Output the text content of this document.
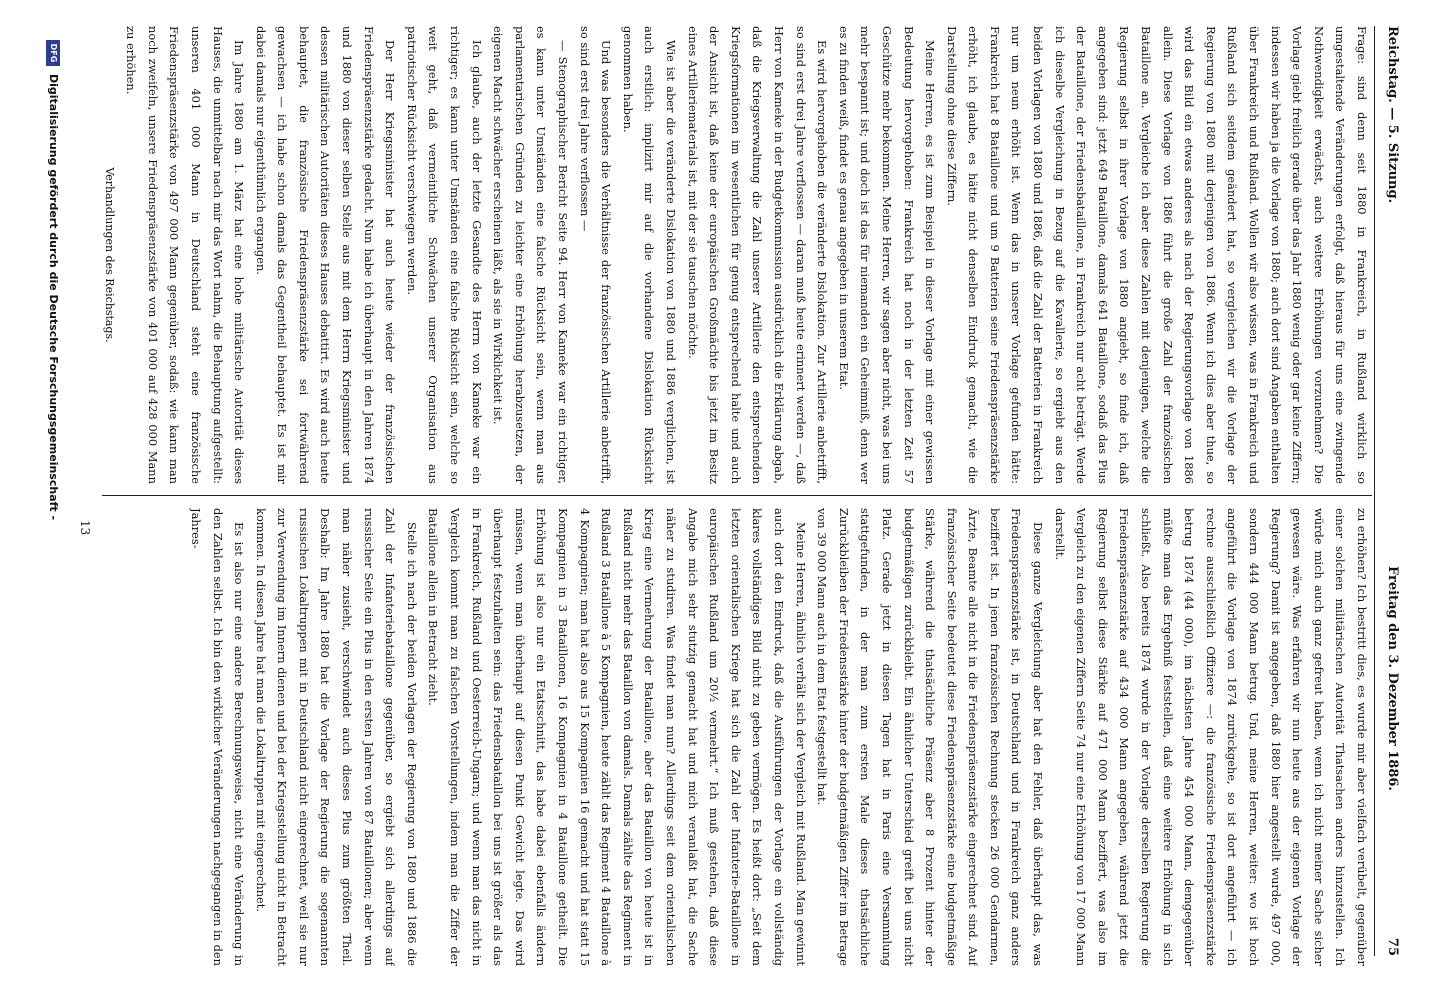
Reichstag. — 5. Sitzung.
Freitag den 3. Dezember 1886.
75

Frage: sind denn seit 1880 in Frankreich, in Rußland wirklich so umgestaltende Veränderungen erfolgt, daß hieraus für uns eine zwingende Nothwendigkeit erwächst, auch weitere Erhöhungen vorzunehmen? Die Vorlage giebt freilich gerade über das Jahr 1880 wenig oder gar keine Ziffern; indessen wir haben ja die Vorlage von 1880; auch dort sind Angaben enthalten über Frankreich und Rußland. Wollen wir also wissen, was in Frankreich und Rußland sich seitdem geändert hat, so vergleichen wir die Vorlage der Regierung von 1880 mit derjenigen von 1886. Wenn ich dies aber thue, so wird das Bild ein etwas anderes als nach der Regierungsvorlage von 1886 allein. Diese Vorlage von 1886 führt die große Zahl der französischen Bataillone an. Vergleiche ich aber diese Zahlen mit denjenigen, welche die Regierung selbst in ihrer Vorlage von 1880 angiebt, so finde ich, daß angegeben sind: jetzt 649 Bataillone, damals 641 Bataillone, sodaß das Plus der Bataillone, der Friedensbataillone, in Frankreich nur acht beträgt. Werde ich dieselbe Vergleichung in Bezug auf die Kavallerie, so ergiebt aus den beiden Vorlagen von 1880 und 1886, daß die Zahl der Batterien in Frankreich nur um neun erhöht ist. Wenn das in unserer Vorlage gefunden hätte: Frankreich hat 8 Bataillone und um 9 Batterien seine Friedenspräsenzstärke erhöht, ich glaube, es hätte nicht denselben Eindruck gemacht, wie die Darstellung ohne diese Ziffern.

Meine Herren, es ist zum Beispiel in dieser Vorlage mit einer gewissen Bedeutung hervorgehoben: Frankreich hat noch in der letzten Zeit 57 Geschütze mehr bekommen. Meine Herren, wir sagen aber nicht, was bei uns mehr bespannt ist; und doch ist das für niemanden ein Geheimniß, denn wer es zu finden weiß, findet es genau angegeben in unserem Etat.

Es wird hervorgehoben die veränderte Dislokation. Zur Artillerie anbetrifft, so sind erst drei Jahre verflossen — daran muß heute erinnert werden —, daß Herr von Kameke in der Budgetkommission ausdrücklich die Erklärung abgab, daß die Kriegsverwaltung die Zahl unserer Artillerie den entsprechenden Kriegsformationen im wesentlichen für genug entsprechend halte und auch der Ansicht ist, daß keine der europäischen Großmächte bis jetzt im Besitz eines Artilleriematerials ist, mit der sie tauschen möchte.

Wie ist aber die veränderte Dislokation von 1880 und 1886 verglichen, ist auch erstlich: implizirt mir auf die vorhandene Dislokation Rücksicht genommen haben.

Und was besonders die Verhältnisse der französischen Artillerie anbetrifft, so sind erst drei Jahre verflossen —

— Stenographischer Bericht Seite 94. Herr von Kameke war ein richtiger, es kann unter Umständen eine falsche Rücksicht sein, wenn man aus parlamentarischen Gründen zu leichter eine Erhöhung herabzusetzen, der eigenen Macht schwächer erscheinen läßt, als sie in Wirklichkeit ist.

Ich glaube, auch der letzte Gesandte des Herrn von Kameke war ein richtiger; es kann unter Umständen eine falsche Rücksicht sein, welche so weit geht, daß vermeintliche Schwächen unserer Organisation aus patriotischer Rücksicht verschwiegen werden.

Der Herr Kriegsminister hat auch heute wieder der französischen Friedenspräsenzstärke gedacht. Nun habe ich überhaupt in den Jahren 1874 und 1880 von dieser selben Stelle aus mit dem Herrn Kriegsminister und dessen militärischen Autoritäten dieses Hauses debattirt. Es wird auch heute behauptet, die französische Friedenspräsenzstärke sei fortwährend gewachsen — ich habe schon damals das Gegentheil behauptet. Es ist mir dabei damals nur eigenthümlich ergangen.

Im Jahre 1880 am 1. März hat eine hohe militärische Autorität dieses Hauses, die unmittelbar nach mir das Wort nahm, die Behauptung aufgestellt: unseren 401 000 Mann in Deutschland steht eine französische Friedenspräsenzstärke von 497 000 Mann gegenüber, sodaß: wie kann man noch zweifeln, unsere Friedenspräsenzstärke von 401 000 auf 428 000 Mann zu erhöhen.

Verhandlungen des Reichstags.

zu erhöhen? Ich bestritt dies, es wurde mir aber vielfach verübelt, gegenüber einer solchen militärischen Autorität Thatsachen anders hinzustellen. Ich würde mich auch ganz gefreut haben, wenn ich nicht meiner Sache sicher gewesen wäre. Was erfahren wir nun heute aus der eigenen Vorlage der Regierung? Damit ist angegeben, daß 1880 hier angestellt wurde, 497 000, sondern 444 000 Mann betrug. Und, meine Herren, weiter: wo ist hoch angeführt die Vorlage von 1874 zurückgehe, so ist dort angeführt — ich rechne ausschließlich Offiziere —: die französische Friedenspräsenzstärke betrug 1874 (44 000), im nächsten Jahre 454 000 Mann, demgegenüber müßte man das Ergebniß feststellen, daß eine weitere Erhöhung in sich schließt. Also bereits 1874 wurde in der Vorlage derselben Regierung die Friedenspräsenzstärke auf 434 000 Mann angegeben, während jetzt die Regierung selbst diese Stärke auf 471 000 Mann beziffert, was also im Vergleich zu den eigenen Ziffern Seite 74 nur eine Erhöhung von 17 000 Mann darstellt.

Diese ganze Vergleichung aber hat den Fehler, daß überhaupt das, was Friedenspräsenzstärke ist, in Deutschland und in Frankreich ganz anders beziffert ist. In jenen französischen Rechnung stecken 26 000 Gendarmen, Ärzte, Beamte alle nicht in die Friedenspräsenzstärke eingerechnet sind. Auf französischer Seite bedeutet diese Friedenspräsenzstärke eine budgetmäßige Stärke, während die thatsächliche Präsenz aber 8 Prozent hinter der budgetmäßigen zurückbleibt. Ein ähnlicher Unterschied greift bei uns nicht Platz. Gerade jetzt in diesen Tagen hat in Paris eine Versammlung stattgefunden, in der man zum ersten Male dieses thatsächliche Zurückbleiben der Friedensstärke hinter der budgetmäßigen Ziffer im Betrage von 39 000 Mann auch in dem Etat festgestellt hat.

Meine Herren, ähnlich verhält sich der Vergleich mit Rußland. Man gewinnt auch dort den Eindruck, daß die Ausführungen der Vorlage ein vollständig klares vollständiges Bild nicht zu geben vermögen. Es heißt dort: „Seit dem letzten orientalischen Kriege hat sich die Zahl der Infanterie-Bataillone in europäischen Rußland um 20½ vermehrt.“ Ich muß gestehen, daß diese Angabe mich sehr stutzig gemacht hat und mich veranlaßt hat, die Sache näher zu studiren. Was findet man nun? Allerdings seit dem orientalischen Krieg eine Vermehrung der Bataillone, aber das Bataillon von heute ist in Rußland nicht mehr das Bataillon von damals. Damals zählte das Regiment in Rußland 3 Bataillone à 5 Kompagnien, heute zählt das Regiment 4 Bataillone à 4 Kompagnien; man hat also aus 15 Kompagnien 16 gemacht und hat statt 15 Kompagnien in 3 Bataillonen, 16 Kompagnien in 4 Bataillone getheilt. Die Erhöhung ist also nur ein Etatsschnitt, das habe dabei ebenfalls ändern müssen, wenn man überhaupt auf diesen Punkt Gewicht legte. Das wird überhaupt festzuhalten sein: das Friedensbataillon bei uns ist größer als das in Frankreich, Rußland und Oesterreich-Ungarn; und wenn man das nicht in Vergleich kommt man zu falschen Vorstellungen, indem man die Ziffer der Bataillone allein in Betracht zieht.

Stelle ich nach der beiden Vorlagen der Regierung von 1880 und 1886 die Zahl der Infanteriebataillone gegenüber, so ergiebt sich allerdings auf russischer Seite ein Plus in den ersten Jahren von 87 Bataillonen; aber wenn man näher zusieht, verschwindet auch dieses Plus zum größten Theil. Deshalb: Im Jahre 1880 hat die Vorlage der Regierung die sogenannten russischen Lokaltruppen mit in Deutschland nicht eingerechnet, weil sie nur zur Verwendung im Innern dienen und bei der Kriegsstellung nicht in Betracht kommen. In diesen Jahre hat man die Lokaltruppen mit eingerechnet.

Es ist also nur eine andere Berechnungsweise, nicht eine Veränderung in den Zahlen selbst. Ich bin den wirklicher Veränderungen nachgegangen in den Jahres-

13
DFG
Digitalisierung gefördert durch die Deutsche Forschungsgemeinschaft -
